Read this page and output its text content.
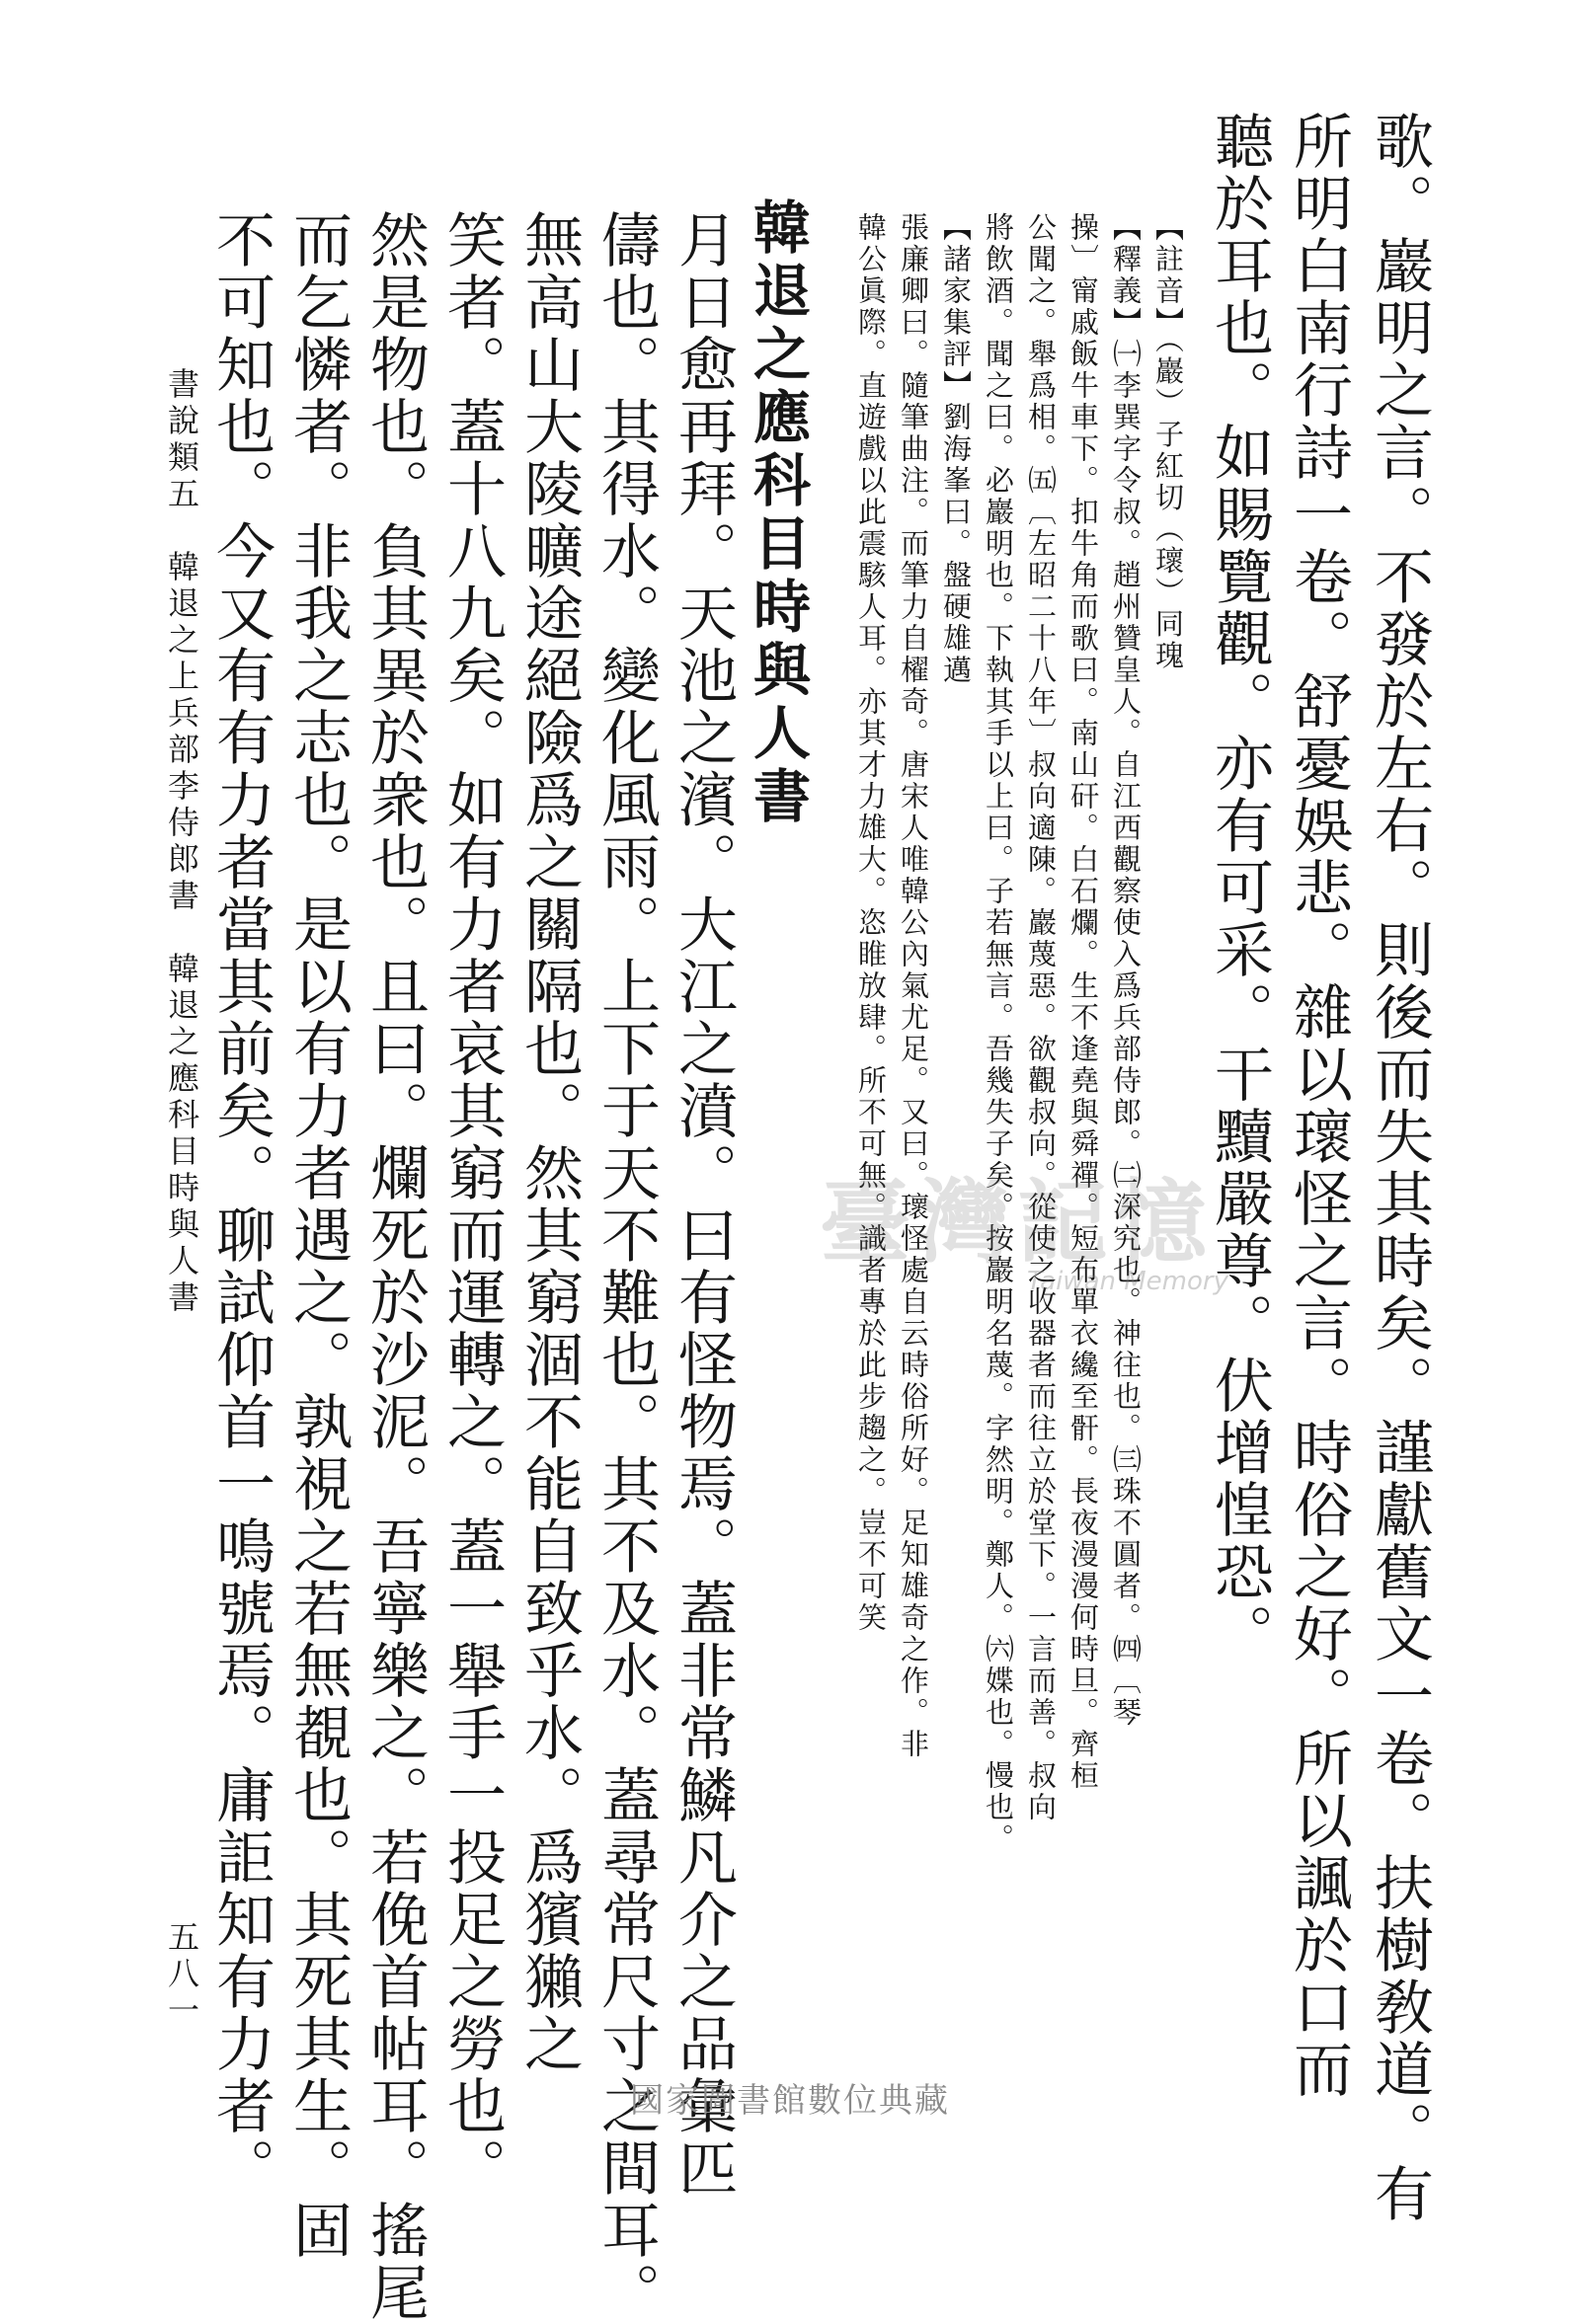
歌。巖明之言。不發於左右。則後而失其時矣。謹獻舊文一卷。扶樹敎道。有

所明白南行詩一卷。舒憂娛悲。雜以瓌怪之言。時俗之好。所以諷於口而

聽於耳也。如賜覽觀。亦有可采。干黷嚴尊。伏增惶恐。

【註音】（巖）子紅切（瓌）同瑰

【釋義】㈠李巽字令叔。趙州贊皇人。自江西觀察使入爲兵部侍郎。㈡深究也。神往也。㈢珠不圓者。㈣〔琴

操〕甯戚飯牛車下。扣牛角而歌曰。南山矸。白石爛。生不逢堯與舜禪。短布單衣纔至骭。長夜漫漫何時旦。齊桓

公聞之。舉爲相。㈤〔左昭二十八年〕叔向適陳。巖蔑惡。欲觀叔向。從使之收器者而往立於堂下。一言而善。叔向

將飲酒。聞之曰。必巖明也。下執其手以上曰。子若無言。吾幾失子矣。按巖明名蔑。字然明。鄭人。㈥媟也。慢也。

【諸家集評】劉海峯曰。盤硬雄邁

張廉卿曰。隨筆曲注。而筆力自櫂奇。唐宋人唯韓公內氣尤足。又曰。瓌怪處自云時俗所好。足知雄奇之作。非

韓公眞際。直遊戲以此震駭人耳。亦其才力雄大。恣睢放肆。所不可無。識者專於此步趨之。豈不可笑

韓退之應科目時與人書

月日愈再拜。天池之濱。大江之濆。曰有怪物焉。蓋非常鱗凡介之品彙匹

儔也。其得水。變化風雨。上下于天不難也。其不及水。蓋尋常尺寸之間耳。

無高山大陵曠途絕險爲之關隔也。然其窮涸不能自致乎水。爲獱獺之

笑者。蓋十八九矣。如有力者哀其窮而運轉之。蓋一舉手一投足之勞也。

然是物也。負其異於衆也。且曰。爛死於沙泥。吾寧樂之。若俛首帖耳。搖尾

而乞憐者。非我之志也。是以有力者遇之。孰視之若無覩也。其死其生。固

不可知也。今又有有力者當其前矣。聊試仰首一鳴號焉。庸詎知有力者。

書說類五　韓退之上兵部李侍郎書　韓退之應科目時與人書

五八一

臺灣記憶
Taiwan Memory
國家圖書館數位典藏
